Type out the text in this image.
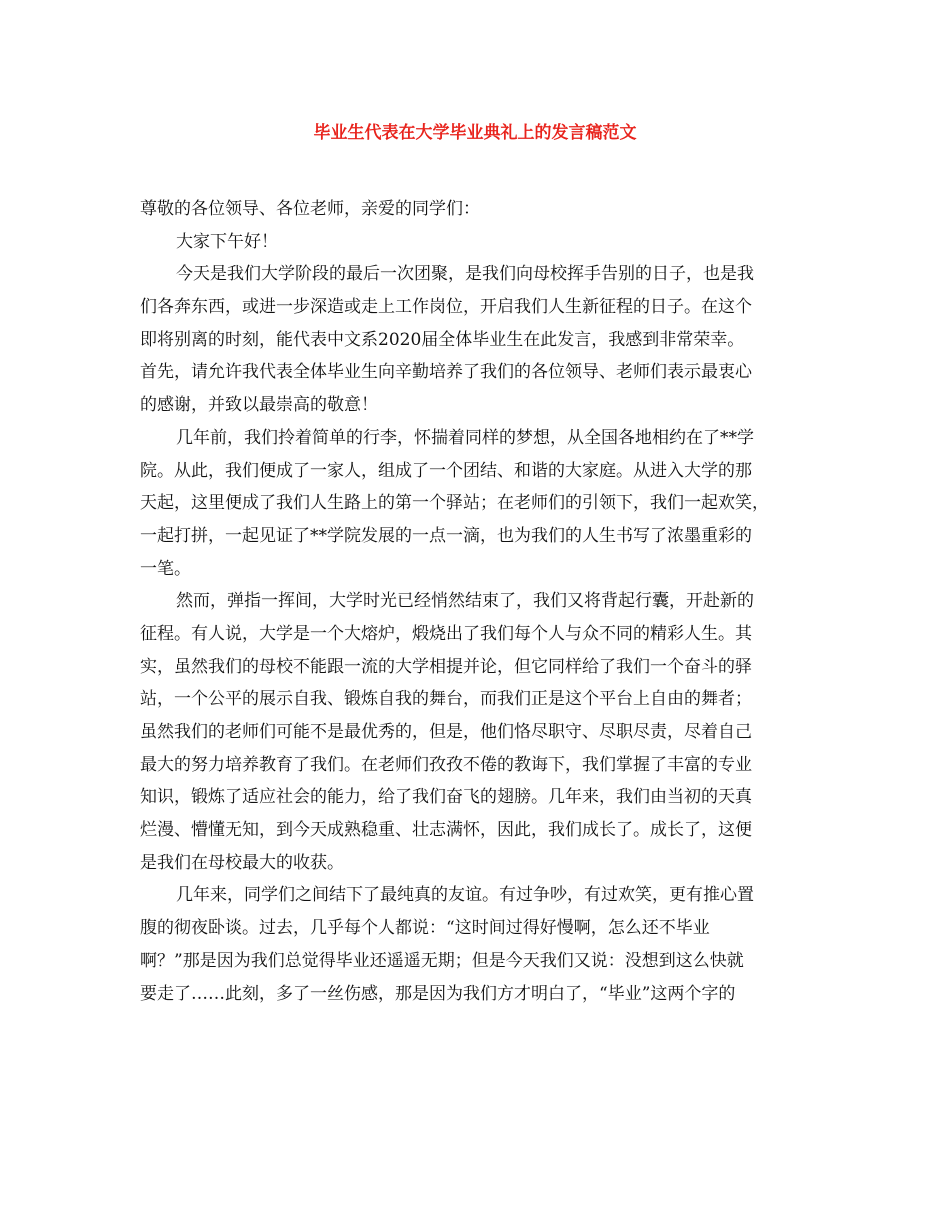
毕业生代表在大学毕业典礼上的发言稿范文
尊敬的各位领导、各位老师，亲爱的同学们：
大家下午好！
今天是我们大学阶段的最后一次团聚，是我们向母校挥手告别的日子，也是我
们各奔东西，或进一步深造或走上工作岗位，开启我们人生新征程的日子。在这个
即将别离的时刻，能代表中文系2020届全体毕业生在此发言，我感到非常荣幸。
首先，请允许我代表全体毕业生向辛勤培养了我们的各位领导、老师们表示最衷心
的感谢，并致以最崇高的敬意！
几年前，我们拎着简单的行李，怀揣着同样的梦想，从全国各地相约在了**学
院。从此，我们便成了一家人，组成了一个团结、和谐的大家庭。从进入大学的那
天起，这里便成了我们人生路上的第一个驿站；在老师们的引领下，我们一起欢笑，
一起打拼，一起见证了**学院发展的一点一滴，也为我们的人生书写了浓墨重彩的
一笔。
然而，弹指一挥间，大学时光已经悄然结束了，我们又将背起行囊，开赴新的
征程。有人说，大学是一个大熔炉，煅烧出了我们每个人与众不同的精彩人生。其
实，虽然我们的母校不能跟一流的大学相提并论，但它同样给了我们一个奋斗的驿
站，一个公平的展示自我、锻炼自我的舞台，而我们正是这个平台上自由的舞者；
虽然我们的老师们可能不是最优秀的，但是，他们恪尽职守、尽职尽责，尽着自己
最大的努力培养教育了我们。在老师们孜孜不倦的教诲下，我们掌握了丰富的专业
知识，锻炼了适应社会的能力，给了我们奋飞的翅膀。几年来，我们由当初的天真
烂漫、懵懂无知，到今天成熟稳重、壮志满怀，因此，我们成长了。成长了，这便
是我们在母校最大的收获。
几年来，同学们之间结下了最纯真的友谊。有过争吵，有过欢笑，更有推心置
腹的彻夜卧谈。过去，几乎每个人都说：“这时间过得好慢啊，怎么还不毕业
啊？”那是因为我们总觉得毕业还遥遥无期；但是今天我们又说：没想到这么快就
要走了……此刻，多了一丝伤感，那是因为我们方才明白了，“毕业”这两个字的
